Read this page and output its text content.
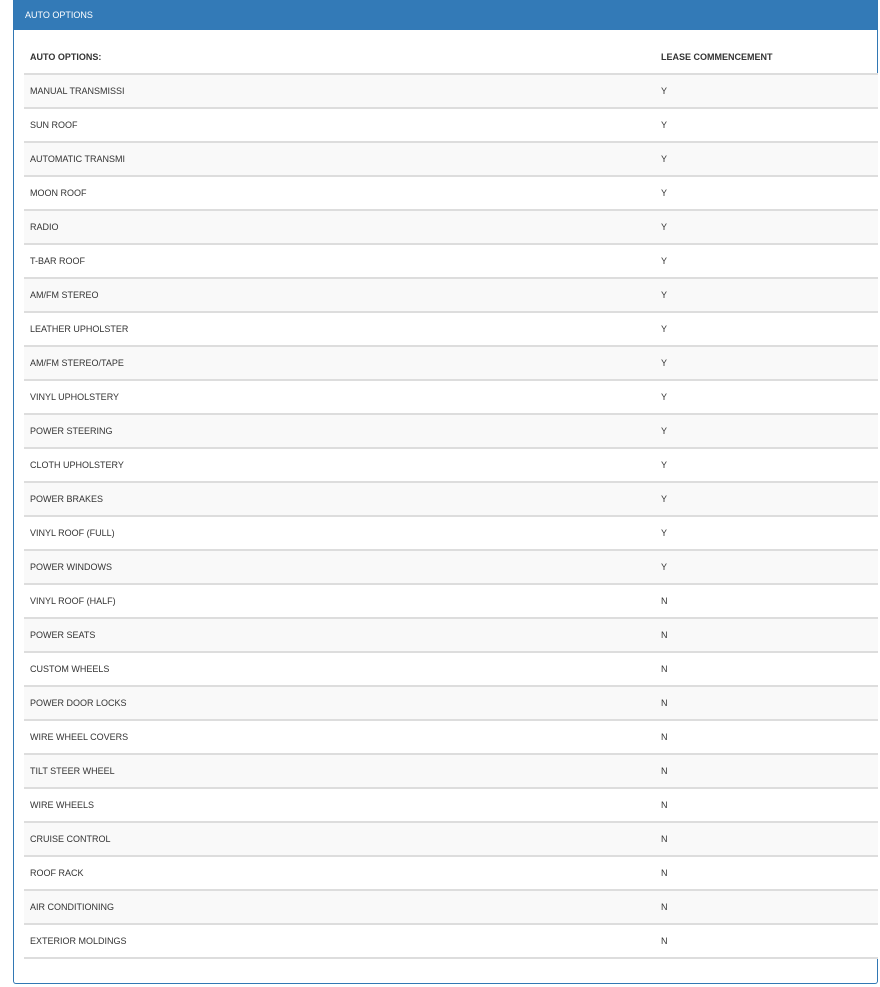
AUTO OPTIONS
AUTO OPTIONS:	LEASE COMMENCEMENT
MANUAL TRANSMISSI	Y
SUN ROOF	Y
AUTOMATIC TRANSMI	Y
MOON ROOF	Y
RADIO	Y
T-BAR ROOF	Y
AM/FM STEREO	Y
LEATHER UPHOLSTER	Y
AM/FM STEREO/TAPE	Y
VINYL UPHOLSTERY	Y
POWER STEERING	Y
CLOTH UPHOLSTERY	Y
POWER BRAKES	Y
VINYL ROOF (FULL)	Y
POWER WINDOWS	Y
VINYL ROOF (HALF)	N
POWER SEATS	N
CUSTOM WHEELS	N
POWER DOOR LOCKS	N
WIRE WHEEL COVERS	N
TILT STEER WHEEL	N
WIRE WHEELS	N
CRUISE CONTROL	N
ROOF RACK	N
AIR CONDITIONING	N
EXTERIOR MOLDINGS	N
